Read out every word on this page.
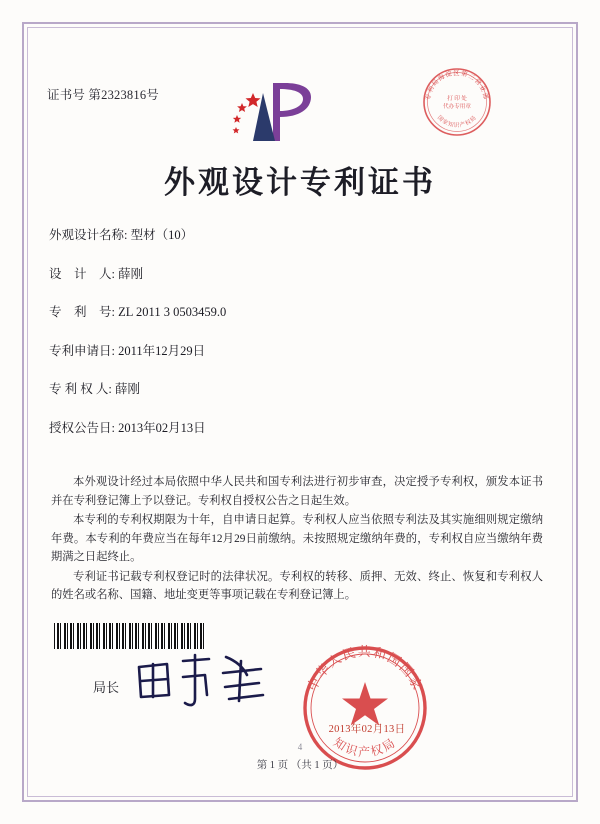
证书号 第2323816号	专利局海淀区第三营业部
国家知识产权局
打 印 处
代办专用章
外观设计专利证书
外观设计名称: 型材（10）
设　计　人: 薛刚
专　利　号: ZL 2011 3 0503459.0
专利申请日: 2011年12月29日
专 利 权 人: 薛刚
授权公告日: 2013年02月13日
本外观设计经过本局依照中华人民共和国专利法进行初步审查，决定授予专利权，颁发本证书并在专利登记簿上予以登记。专利权自授权公告之日起生效。
本专利的专利权期限为十年，自申请日起算。专利权人应当依照专利法及其实施细则规定缴纳年费。本专利的年费应当在每年12月29日前缴纳。未按照规定缴纳年费的，专利权自应当缴纳年费期满之日起终止。
专利证书记载专利权登记时的法律状况。专利权的转移、质押、无效、终止、恢复和专利权人的姓名或名称、国籍、地址变更等事项记载在专利登记簿上。
局长	中华人民共和国国家
知识产权局
2013年02月13日
4
第 1 页 （共 1 页）
